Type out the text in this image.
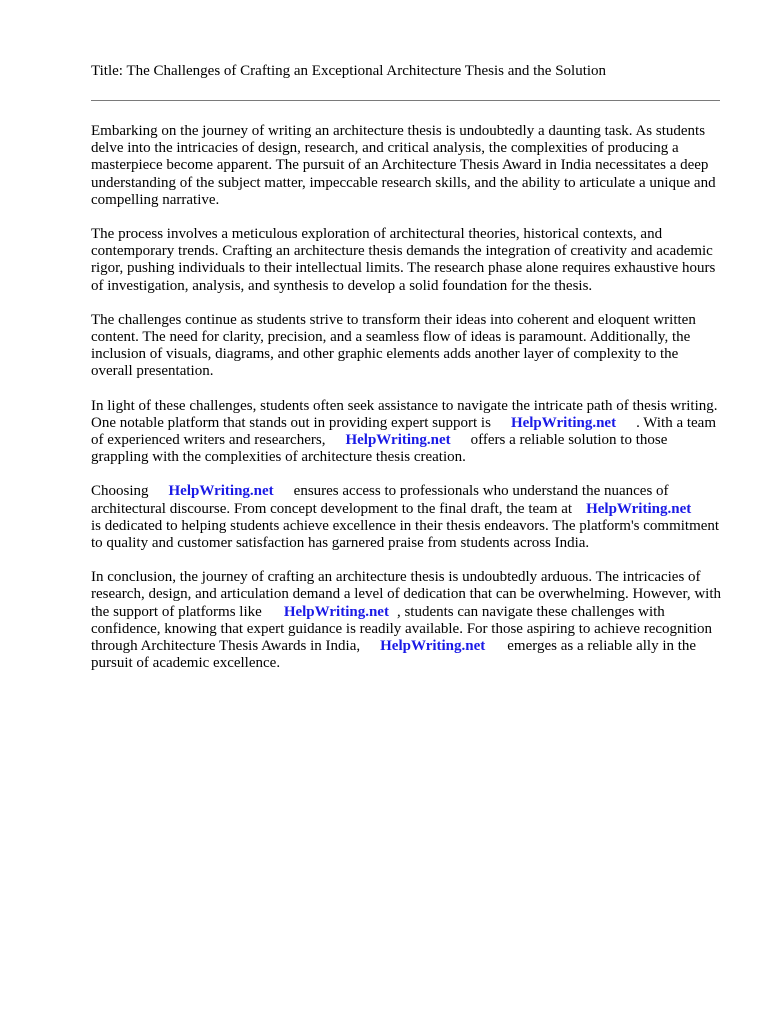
Title: The Challenges of Crafting an Exceptional Architecture Thesis and the Solution

Embarking on the journey of writing an architecture thesis is undoubtedly a daunting task. As students delve into the intricacies of design, research, and critical analysis, the complexities of producing a masterpiece become apparent. The pursuit of an Architecture Thesis Award in India necessitates a deep understanding of the subject matter, impeccable research skills, and the ability to articulate a unique and compelling narrative.

The process involves a meticulous exploration of architectural theories, historical contexts, and contemporary trends. Crafting an architecture thesis demands the integration of creativity and academic rigor, pushing individuals to their intellectual limits. The research phase alone requires exhaustive hours of investigation, analysis, and synthesis to develop a solid foundation for the thesis.

The challenges continue as students strive to transform their ideas into coherent and eloquent written content. The need for clarity, precision, and a seamless flow of ideas is paramount. Additionally, the inclusion of visuals, diagrams, and other graphic elements adds another layer of complexity to the overall presentation.

In light of these challenges, students often seek assistance to navigate the intricate path of thesis writing. One notable platform that stands out in providing expert support is HelpWriting.net . With a team of experienced writers and researchers, HelpWriting.net offers a reliable solution to those grappling with the complexities of architecture thesis creation.

Choosing HelpWriting.net ensures access to professionals who understand the nuances of architectural discourse. From concept development to the final draft, the team at HelpWriting.netis dedicated to helping students achieve excellence in their thesis endeavors. The platform's commitment to quality and customer satisfaction has garnered praise from students across India.

In conclusion, the journey of crafting an architecture thesis is undoubtedly arduous. The intricacies of research, design, and articulation demand a level of dedication that can be overwhelming. However, with the support of platforms like HelpWriting.net , students can navigate these challenges with confidence, knowing that expert guidance is readily available. For those aspiring to achieve recognition through Architecture Thesis Awards in India, HelpWriting.net emerges as a reliable ally in the pursuit of academic excellence.
